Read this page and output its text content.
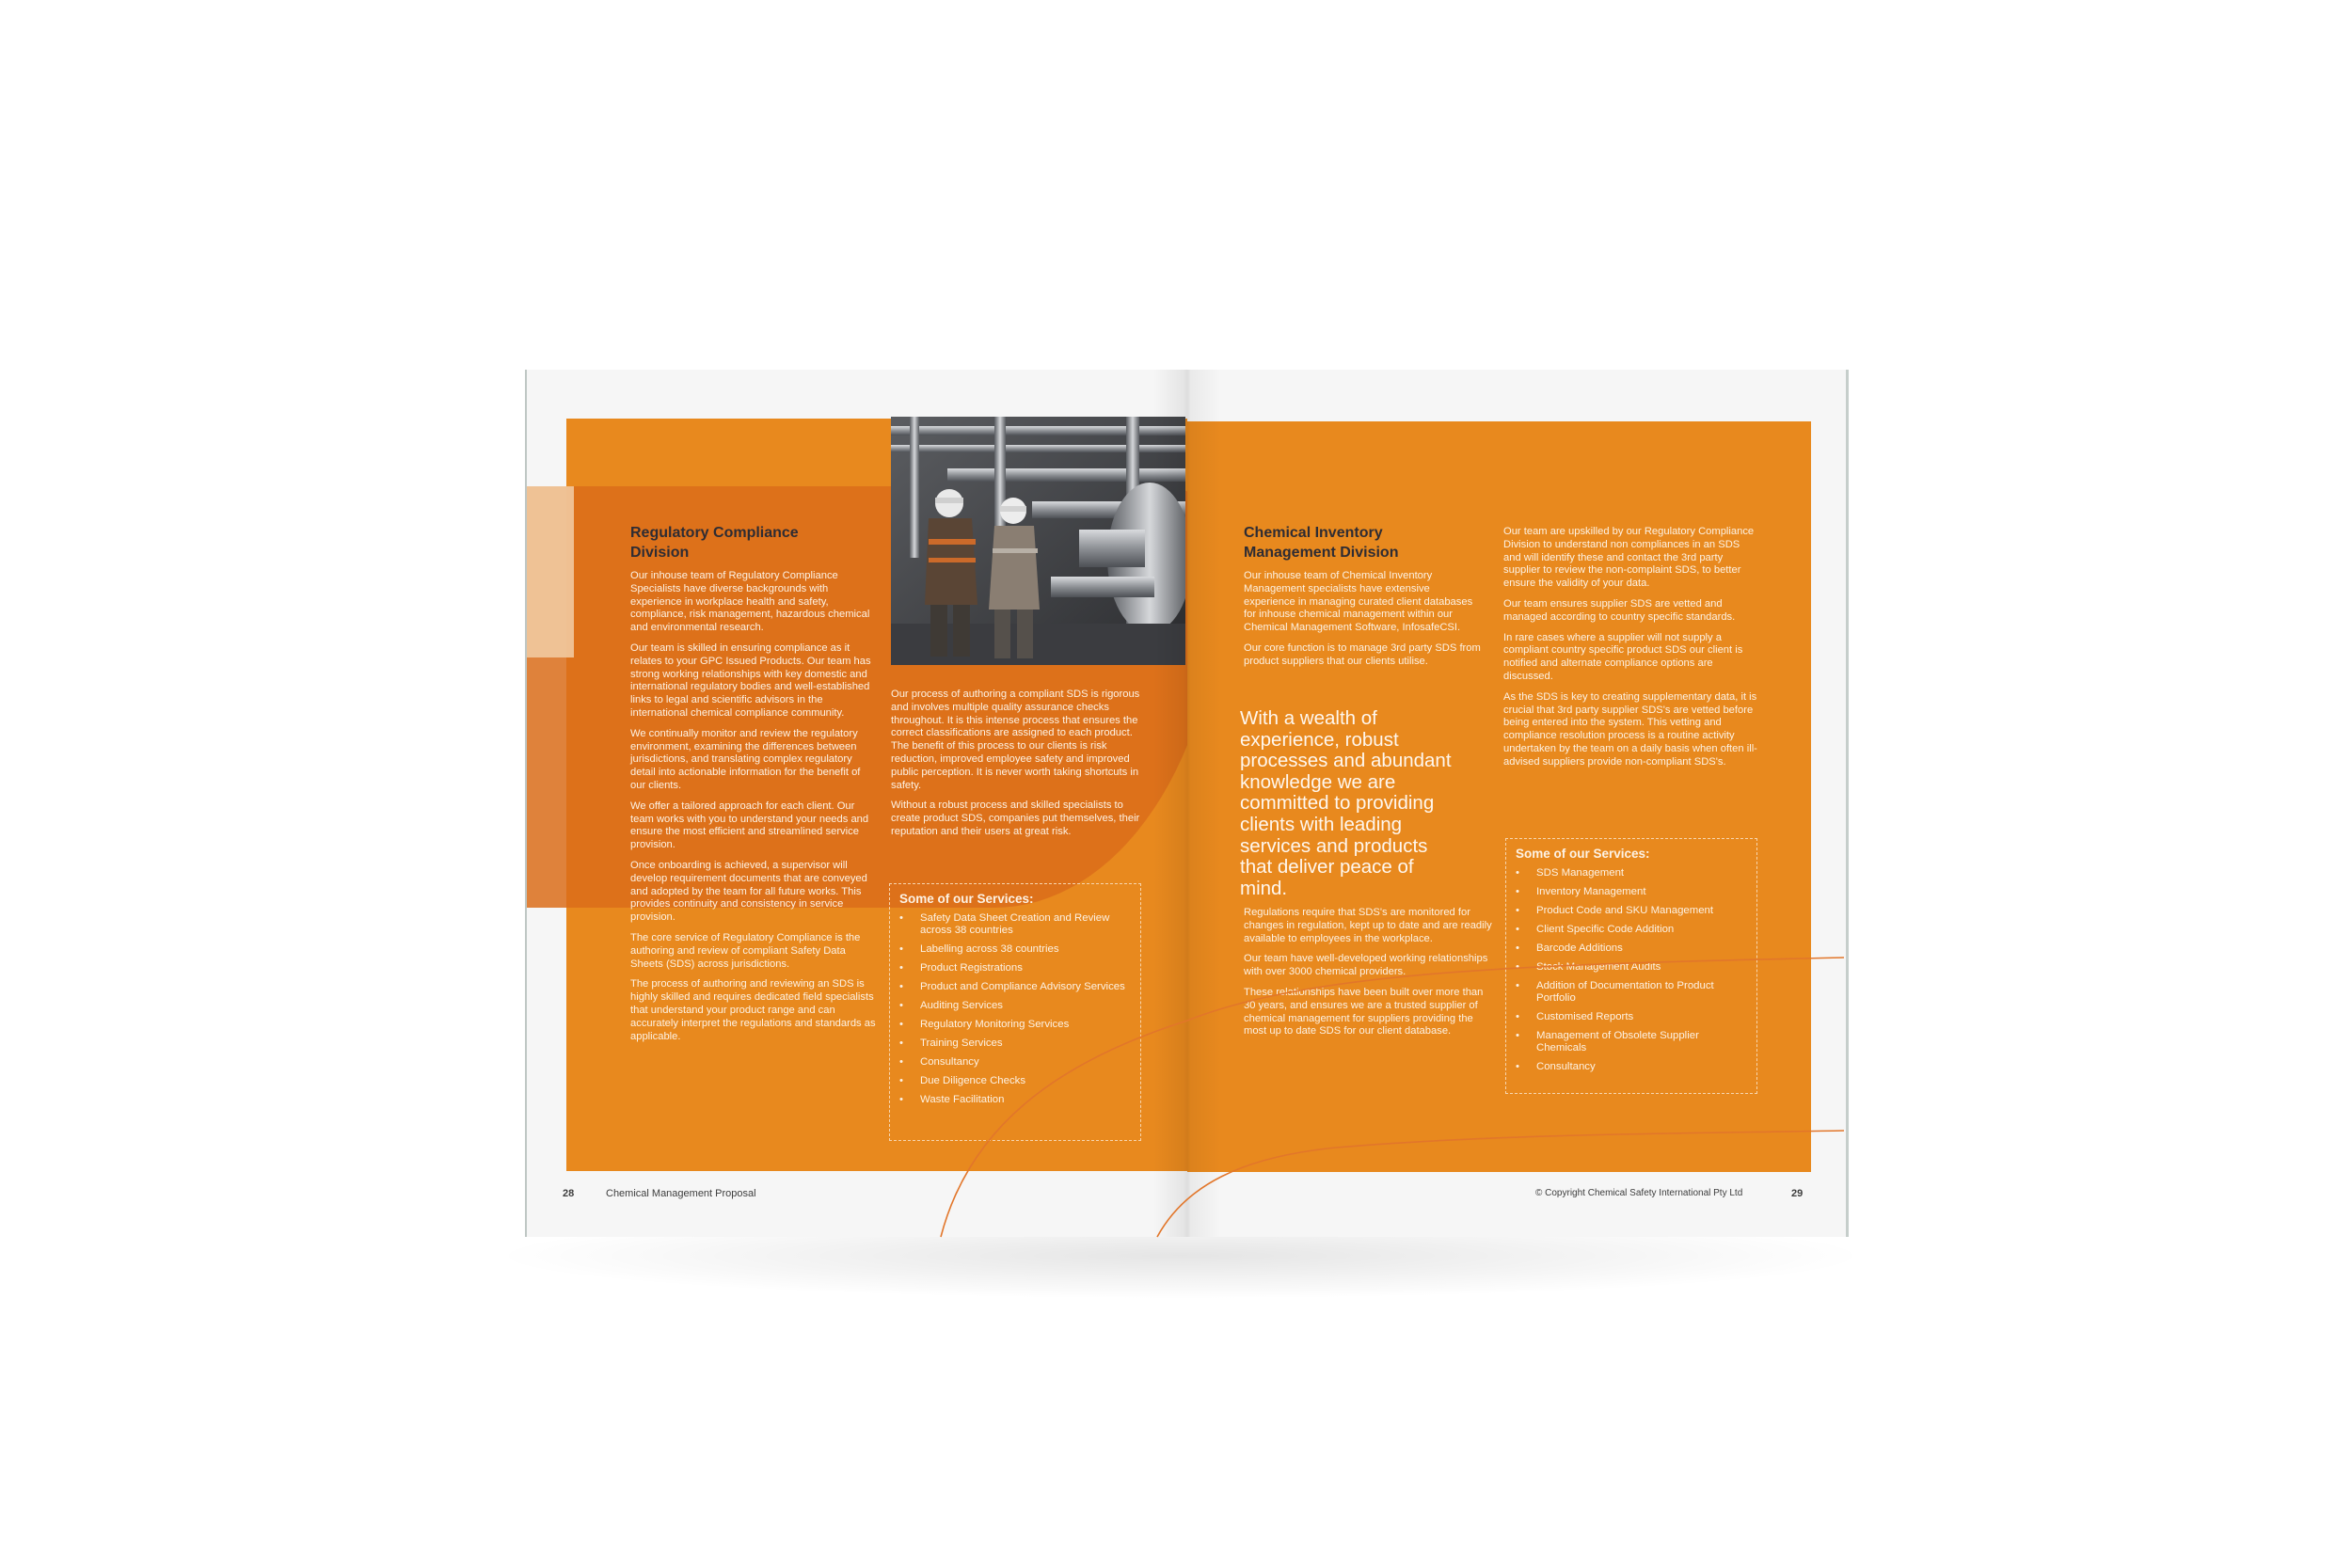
Regulatory Compliance Division

Our inhouse team of Regulatory Compliance Specialists have diverse backgrounds with experience in workplace health and safety, compliance, risk management, hazardous chemical and environmental research.

Our team is skilled in ensuring compliance as it relates to your GPC Issued Products. Our team has strong working relationships with key domestic and international regulatory bodies and well-established links to legal and scientific advisors in the international chemical compliance community.

We continually monitor and review the regulatory environment, examining the differences between jurisdictions, and translating complex regulatory detail into actionable information for the benefit of our clients.

We offer a tailored approach for each client. Our team works with you to understand your needs and ensure the most efficient and streamlined service provision.

Once onboarding is achieved, a supervisor will develop requirement documents that are conveyed and adopted by the team for all future works. This provides continuity and consistency in service provision.

The core service of Regulatory Compliance is the authoring and review of compliant Safety Data Sheets (SDS) across jurisdictions.

The process of authoring and reviewing an SDS is highly skilled and requires dedicated field specialists that understand your product range and can accurately interpret the regulations and standards as applicable.

Our process of authoring a compliant SDS is rigorous and involves multiple quality assurance checks throughout. It is this intense process that ensures the correct classifications are assigned to each product. The benefit of this process to our clients is risk reduction, improved employee safety and improved public perception. It is never worth taking shortcuts in safety.

Without a robust process and skilled specialists to create product SDS, companies put themselves, their reputation and their users at great risk.

Some of our Services:
• Safety Data Sheet Creation and Review across 38 countries
• Labelling across 38 countries
• Product Registrations
• Product and Compliance Advisory Services
• Auditing Services
• Regulatory Monitoring Services
• Training Services
• Consultancy
• Due Diligence Checks
• Waste Facilitation
28	Chemical Management Proposal
Chemical Inventory Management Division

Our inhouse team of Chemical Inventory Management specialists have extensive experience in managing curated client databases for inhouse chemical management within our Chemical Management Software, InfosafeCSI.

Our core function is to manage 3rd party SDS from product suppliers that our clients utilise.

With a wealth of experience, robust processes and abundant knowledge we are committed to providing clients with leading services and products that deliver peace of mind.

Regulations require that SDS's are monitored for changes in regulation, kept up to date and are readily available to employees in the workplace.

Our team have well-developed working relationships with over 3000 chemical providers.

These relationships have been built over more than 30 years, and ensures we are a trusted supplier of chemical management for suppliers providing the most up to date SDS for our client database.

Our team are upskilled by our Regulatory Compliance Division to understand non compliances in an SDS and will identify these and contact the 3rd party supplier to review the non-complaint SDS, to better ensure the validity of your data.

Our team ensures supplier SDS are vetted and managed according to country specific standards.

In rare cases where a supplier will not supply a compliant country specific product SDS our client is notified and alternate compliance options are discussed.

As the SDS is key to creating supplementary data, it is crucial that 3rd party supplier SDS's are vetted before being entered into the system. This vetting and compliance resolution process is a routine activity undertaken by the team on a daily basis when often ill-advised suppliers provide non-compliant SDS's.

Some of our Services:
• SDS Management
• Inventory Management
• Product Code and SKU Management
• Client Specific Code Addition
• Barcode Additions
• Stock Management Audits
• Addition of Documentation to Product Portfolio
• Customised Reports
• Management of Obsolete Supplier Chemicals
• Consultancy
© Copyright Chemical Safety International Pty Ltd	29
